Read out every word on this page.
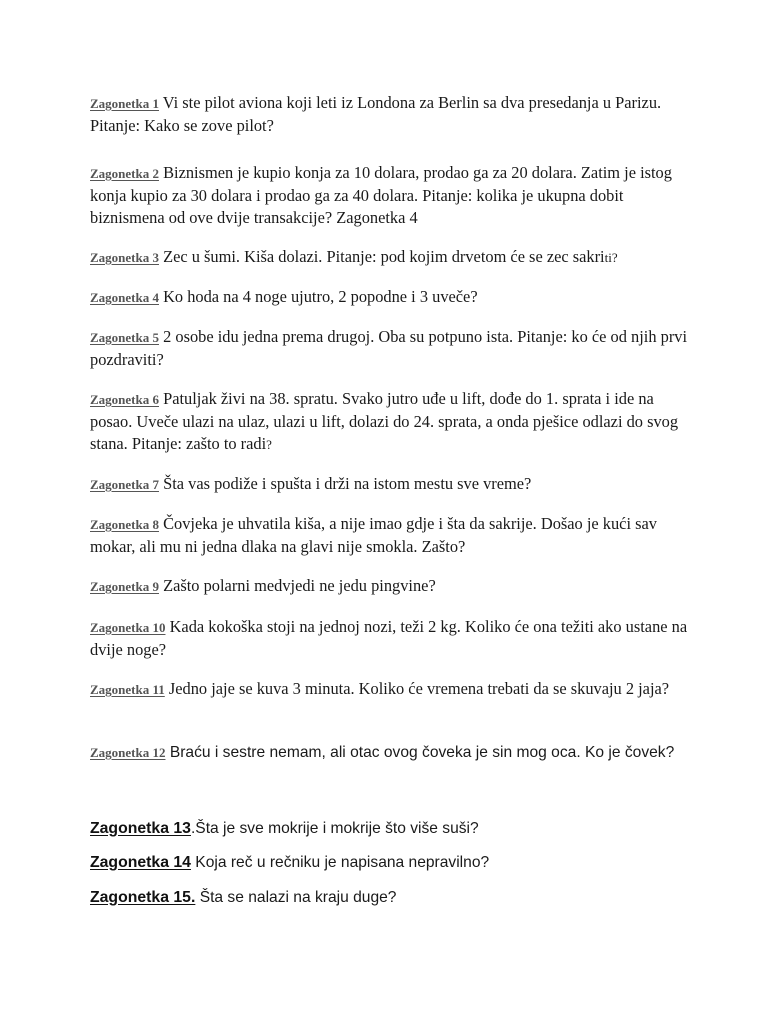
Zagonetka 1 Vi ste pilot aviona koji leti iz Londona za Berlin sa dva presedanja u Parizu. Pitanje: Kako se zove pilot?

Zagonetka 2 Biznismen je kupio konja za 10 dolara, prodao ga za 20 dolara. Zatim je istog konja kupio za 30 dolara i prodao ga za 40 dolara. Pitanje: kolika je ukupna dobit biznismena od ove dvije transakcije? Zagonetka 4

Zagonetka 3 Zec u šumi. Kiša dolazi. Pitanje: pod kojim drvetom će se zec sakriti?

Zagonetka 4 Ko hoda na 4 noge ujutro, 2 popodne i 3 uveče?

Zagonetka 5 2 osobe idu jedna prema drugoj. Oba su potpuno ista. Pitanje: ko će od njih prvi pozdraviti?

Zagonetka 6 Patuljak živi na 38. spratu. Svako jutro uđe u lift, dođe do 1. sprata i ide na posao. Uveče ulazi na ulaz, ulazi u lift, dolazi do 24. sprata, a onda pješice odlazi do svog stana. Pitanje: zašto to radi?

Zagonetka 7 Šta vas podiže i spušta i drži na istom mestu sve vreme?

Zagonetka 8 Čovjeka je uhvatila kiša, a nije imao gdje i šta da sakrije. Došao je kući sav mokar, ali mu ni jedna dlaka na glavi nije smokla. Zašto?

Zagonetka 9 Zašto polarni medvjedi ne jedu pingvine?

Zagonetka 10 Kada kokoška stoji na jednoj nozi, teži 2 kg. Koliko će ona težiti ako ustane na dvije noge?

Zagonetka 11 Jedno jaje se kuva 3 minuta. Koliko će vremena trebati da se skuvaju 2 jaja?

Zagonetka 12 Braću i sestre nemam, ali otac ovog čoveka je sin mog oca. Ko je čovek?

Zagonetka 13.Šta je sve mokrije i mokrije što više suši?

Zagonetka 14 Koja reč u rečniku je napisana nepravilno?

Zagonetka 15. Šta se nalazi na kraju duge?
